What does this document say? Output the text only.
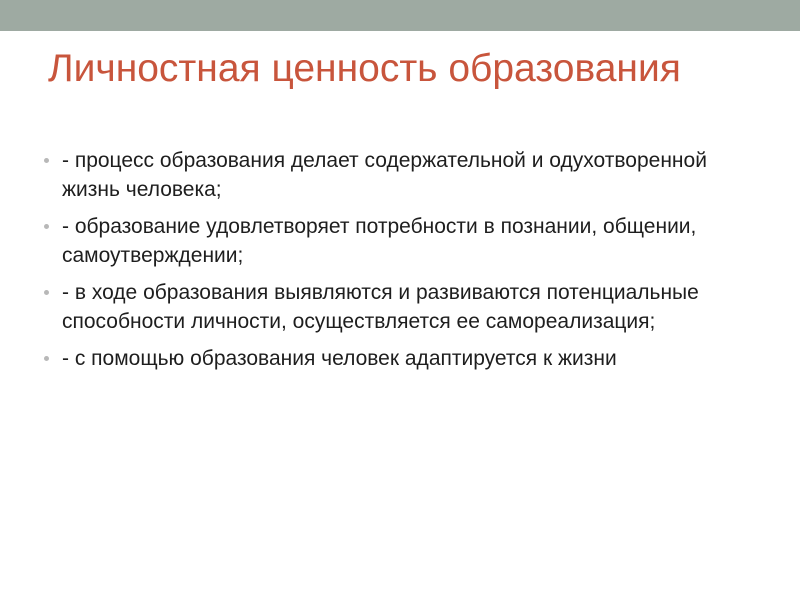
Личностная ценность образования
- процесс образования делает содержательной и одухотворенной жизнь человека;
- образование удовлетворяет потребности в познании, общении, самоутверждении;
- в ходе образования выявляются и развиваются потенциальные способности личности, осуществляется ее самореализация;
- с помощью образования человек адаптируется к жизни
